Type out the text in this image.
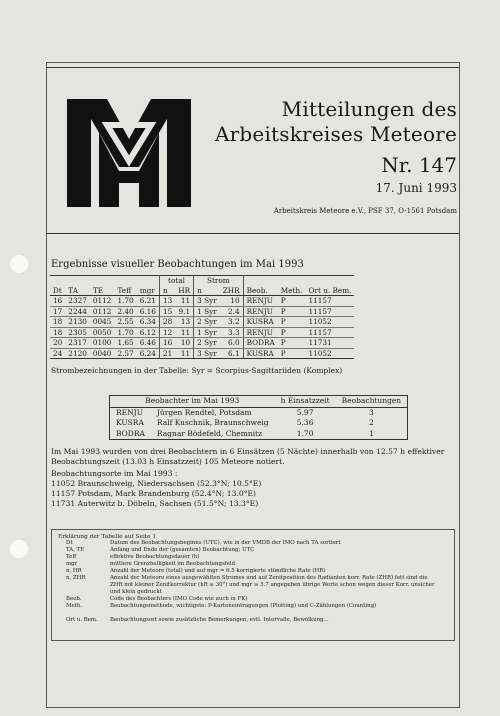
Mitteilungen des
Arbeitskreises Meteore
Nr. 147
17. Juni 1993
Arbeitskreis Meteore e.V., PSF 37, O-1561 Potsdam
Ergebnisse visueller Beobachtungen im Mai 1993
					total		Strom				
Dt	TA	TE	Teff	mgr	n	HR	n	ZHR	Beob.	Meth.	Ort u. Bem.
16	2327	0112	1.70	6.21	13	11	3 Syr	10	RENJU	P	11157
17	2244	0112	2.40	6.16	15	9.1	1 Syr	2.4	RENJU	P	11157
18	2130	0045	2.55	6.34	28	13	2 Syr	3.2	KUSRA	P	11052
18	2305	0050	1.70	6.12	12	11	1 Syr	3.3	RENJU	P	11157
20	2317	0100	1.65	6.46	16	10	2 Syr	6.0	BODRA	P	11731
24	2120	0040	2.57	6.24	21	11	3 Syr	6.1	KUSRA	P	11052
Strombezeichnungen in der Tabelle: Syr = Scorpius-Sagittariiden (Komplex)
Beobachter im Mai 1993		h Einsatzzeit	Beobachtungen
RENJU	Jürgen Rendtel, Potsdam	5.97	3
KUSRA	Ralf Kuschnik, Braunschweig	5.36	2
BODRA	Ragnar Bödefeld, Chemnitz	1.70	1
Im Mai 1993 wurden von drei Beobachtern in 6 Einsätzen (5 Nächte) innerhalb von 12.57 h effektiver Beobachtungszeit (13.03 h Einsatzzeit) 105 Meteore notiert.
Beobachtungsorte im Mai 1993 :
11052 Braunschweig, Niedersachsen (52.3°N; 10.5°E)
11157 Potsdam, Mark Brandenburg (52.4°N; 13.0°E)
11731 Auterwitz b. Döbeln, Sachsen (51.5°N; 13.3°E)
Erklärung der Tabelle auf Seite 1
Dt	Datum des Beobachtungsbeginns (UTC), wie in der VMDB der IMO nach TA sortiert
TA, TE	Anfang und Ende der (gesamten) Beobachtung; UTC
Teff	effektive Beobachtungsdauer (h)
mgr	mittlere Grenzhelligkeit im Beobachtungsfeld
n, HR	Anzahl der Meteore (total) und auf mgr = 6.5 korrigierte stündliche Rate (HR)
n, ZHR	Anzahl der Meteore eines ausgewählten Stromes und auf Zenitposition des Radianten korr. Rate (ZHR) fett sind die ZHR mit kleiner Zenitkorrektur (hR ≥ 30°) und mgr ≥ 5.7 angegeben übrige Werte schon wegen dieser Korr. unsicher und klein gedruckt
Beob.	Code des Beobachters (IMO Code wie auch in FK)
Meth.	Beobachtungsmethode, wichtigste: P-Karteneintragungen (Plotting) und C-Zählungen (Counting)
Ort u. Bem.	Beobachtungsort sowie zusätzliche Bemerkungen, evtl. Intervalle, Bewölkung...
